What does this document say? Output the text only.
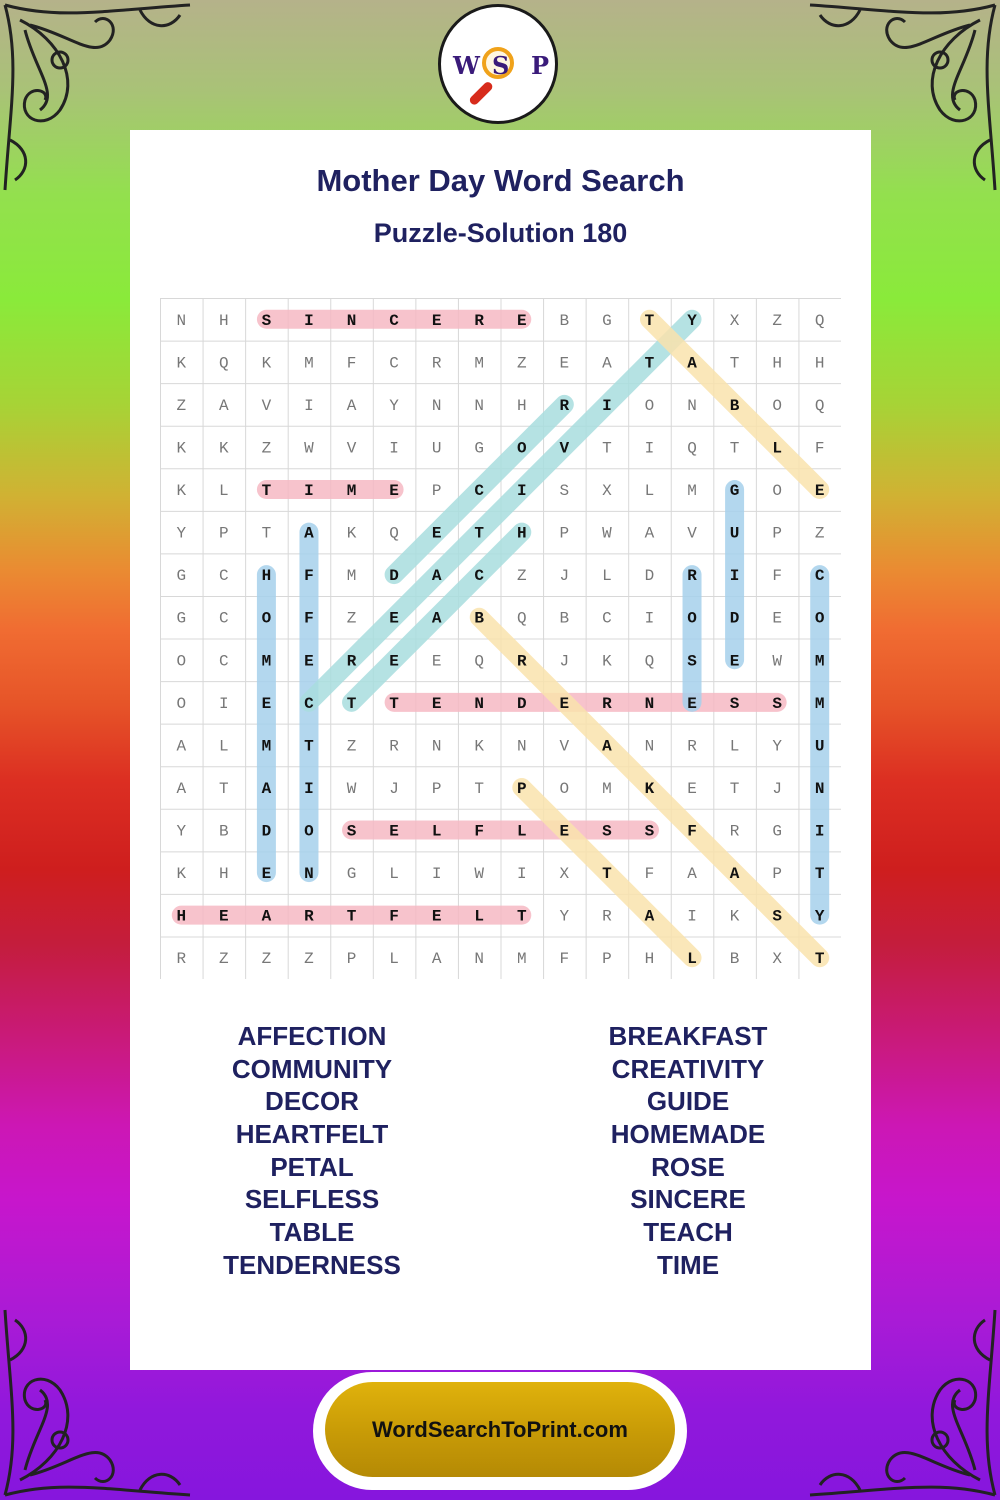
W S P
Mother Day Word Search
Puzzle-Solution 180
N H S I N C E R E B G T Y X Z Q
K Q K M F C R M Z E A T A T H H
Z A V I A Y N N H R I O N B O Q
K K Z W V I U G O V T I Q T L F
K L T I M E P C I S X L M G O E
Y P T A K Q E T H P W A V U P Z
G C H F M D A C Z J L D R I F C
G C O F Z E A B Q B C I O D E O
O C M E R E E Q R J K Q S E W M
O I E C T T E N D E R N E S S M
A L M T Z R N K N V A N R L Y U
A T A I W J P T P O M K E T J N
Y B D O S E L F L E S S F R G I
K H E N G L I W I X T F A A P T
H E A R T F E L T Y R A I K S Y
R Z Z Z P L A N M F P H L B X T
AFFECTION
COMMUNITY
DECOR
HEARTFELT
PETAL
SELFLESS
TABLE
TENDERNESS
BREAKFAST
CREATIVITY
GUIDE
HOMEMADE
ROSE
SINCERE
TEACH
TIME
WordSearchToPrint.com
